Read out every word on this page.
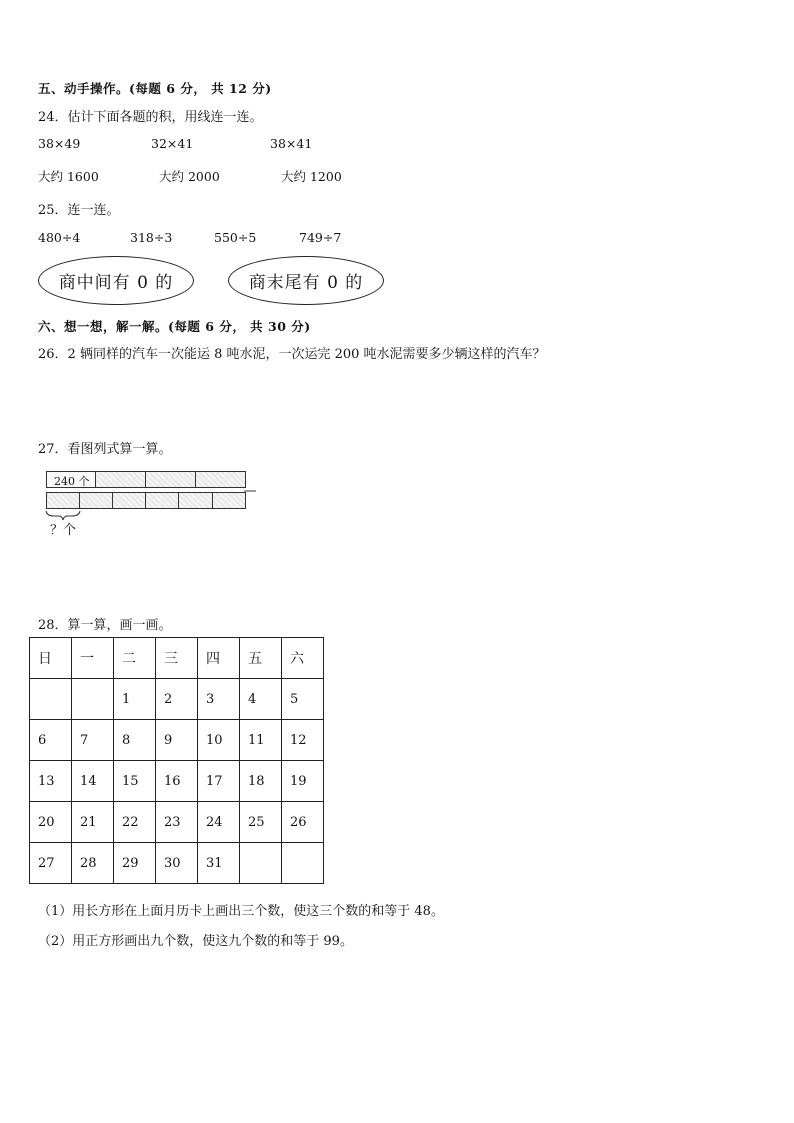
五、动手操作。(每题 6 分， 共 12 分)
24．估计下面各题的积，用线连一连。
38×49	32×41	38×41
大约 1600	大约 2000	大约 1200
25．连一连。
480÷4	318÷3	550÷5	749÷7
商中间有 0 的	商末尾有 0 的
六、想一想，解一解。(每题 6 分， 共 30 分)
26．2 辆同样的汽车一次能运 8 吨水泥，一次运完 200 吨水泥需要多少辆这样的汽车？
27．看图列式算一算。
240 个
？个
28．算一算，画一画。
日	一	二	三	四	五	六
		1	2	3	4	5
6	7	8	9	10	11	12
13	14	15	16	17	18	19
20	21	22	23	24	25	26
27	28	29	30	31		
（1）用长方形在上面月历卡上画出三个数，使这三个数的和等于 48。
（2）用正方形画出九个数，使这九个数的和等于 99。
